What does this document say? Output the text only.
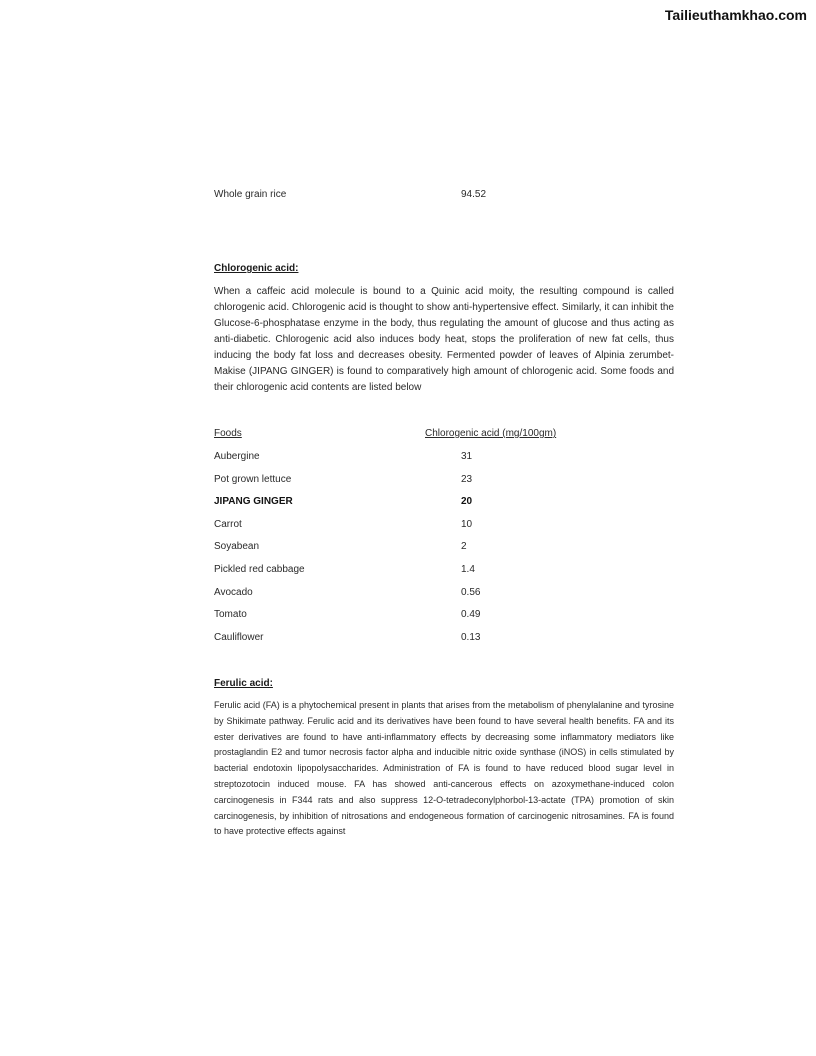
Tailieuthamkhao.com
Whole grain rice	94.52
Chlorogenic acid:
When a caffeic acid molecule is bound to a Quinic acid moity, the resulting compound is called chlorogenic acid. Chlorogenic acid is thought to show anti-hypertensive effect. Similarly, it can inhibit the Glucose-6-phosphatase enzyme in the body, thus regulating the amount of glucose and thus acting as anti-diabetic. Chlorogenic acid also induces body heat, stops the proliferation of new fat cells, thus inducing the body fat loss and decreases obesity. Fermented powder of leaves of Alpinia zerumbet- Makise (JIPANG GINGER) is found to comparatively high amount of chlorogenic acid. Some foods and their chlorogenic acid contents are listed below
Foods	Chlorogenic acid (mg/100gm)
Aubergine	31
Pot grown lettuce	23
JIPANG GINGER	20
Carrot	10
Soyabean	2
Pickled red cabbage	1.4
Avocado	0.56
Tomato	0.49
Cauliflower	0.13
Ferulic acid:
Ferulic acid (FA) is a phytochemical present in plants that arises from the metabolism of phenylalanine and tyrosine by Shikimate pathway. Ferulic acid and its derivatives have been found to have several health benefits. FA and its ester derivatives are found to have anti-inflammatory effects by decreasing some inflammatory mediators like prostaglandin E2 and tumor necrosis factor alpha and inducible nitric oxide synthase (iNOS) in cells stimulated by bacterial endotoxin lipopolysaccharides. Administration of FA is found to have reduced blood sugar level in streptozotocin induced mouse. FA has showed anti-cancerous effects on azoxymethane-induced colon carcinogenesis in F344 rats and also suppress 12-O-tetradeconylphorbol-13-actate (TPA) promotion of skin carcinogenesis, by inhibition of nitrosations and endogeneous formation of carcinogenic nitrosamines. FA is found to have protective effects against
